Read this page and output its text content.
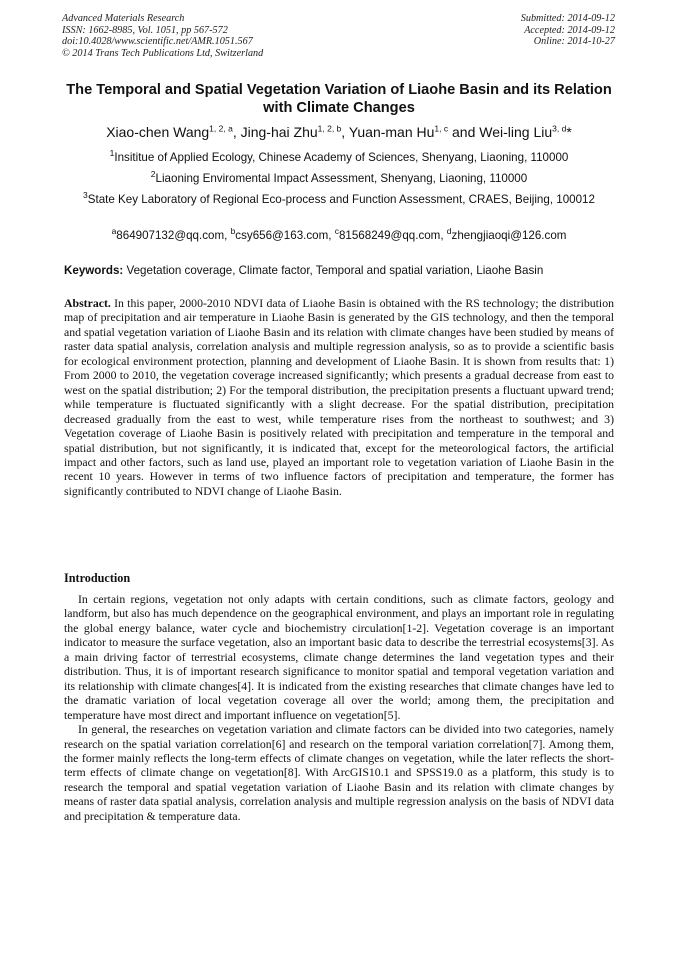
Advanced Materials Research
ISSN: 1662-8985, Vol. 1051, pp 567-572
doi:10.4028/www.scientific.net/AMR.1051.567
© 2014 Trans Tech Publications Ltd, Switzerland
Submitted: 2014-09-12
Accepted: 2014-09-12
Online: 2014-10-27
The Temporal and Spatial Vegetation Variation of Liaohe Basin and its Relation with Climate Changes
Xiao-chen Wang$^{1, 2, a}$, Jing-hai Zhu$^{1, 2, b}$, Yuan-man Hu$^{1, c}$ and Wei-ling Liu$^{3, d}$*
$^1$Insititue of Applied Ecology, Chinese Academy of Sciences, Shenyang, Liaoning, 110000
$^2$Liaoning Enviromental Impact Assessment, Shenyang, Liaoning, 110000
$^3$State Key Laboratory of Regional Eco-process and Function Assessment, CRAES, Beijing, 100012
$^a$864907132@qq.com, $^b$csy656@163.com, $^c$81568249@qq.com, $^d$zhengjiaoqi@126.com
Keywords: Vegetation coverage, Climate factor, Temporal and spatial variation, Liaohe Basin
Abstract. In this paper, 2000-2010 NDVI data of Liaohe Basin is obtained with the RS technology; the distribution map of precipitation and air temperature in Liaohe Basin is generated by the GIS technology, and then the temporal and spatial vegetation variation of Liaohe Basin and its relation with climate changes have been studied by means of raster data spatial analysis, correlation analysis and multiple regression analysis, so as to provide a scientific basis for ecological environment protection, planning and development of Liaohe Basin. It is shown from results that: 1) From 2000 to 2010, the vegetation coverage increased significantly; which presents a gradual decrease from east to west on the spatial distribution; 2) For the temporal distribution, the precipitation presents a fluctuant upward trend; while temperature is fluctuated significantly with a slight decrease. For the spatial distribution, precipitation decreased gradually from the east to west, while temperature rises from the northeast to southwest; and 3) Vegetation coverage of Liaohe Basin is positively related with precipitation and temperature in the temporal and spatial distribution, but not significantly, it is indicated that, except for the meteorological factors, the artificial impact and other factors, such as land use, played an important role to vegetation variation of Liaohe Basin in the recent 10 years. However in terms of two influence factors of precipitation and temperature, the former has significantly contributed to NDVI change of Liaohe Basin.
Introduction

In certain regions, vegetation not only adapts with certain conditions, such as climate factors, geology and landform, but also has much dependence on the geographical environment, and plays an important role in regulating the global energy balance, water cycle and biochemistry circulation[1-2]. Vegetation coverage is an important indicator to measure the surface vegetation, also an important basic data to describe the terrestrial ecosystems[3]. As a main driving factor of terrestrial ecosystems, climate change determines the land vegetation types and their distribution. Thus, it is of important research significance to monitor spatial and temporal vegetation variation and its relationship with climate changes[4]. It is indicated from the existing researches that climate changes have led to the dramatic variation of local vegetation coverage all over the world; among them, the precipitation and temperature have most direct and important influence on vegetation[5].

In general, the researches on vegetation variation and climate factors can be divided into two categories, namely research on the spatial variation correlation[6] and research on the temporal variation correlation[7]. Among them, the former mainly reflects the long-term effects of climate changes on vegetation, while the later reflects the short-term effects of climate change on vegetation[8]. With ArcGIS10.1 and SPSS19.0 as a platform, this study is to research the temporal and spatial vegetation variation of Liaohe Basin and its relation with climate changes by means of raster data spatial analysis, correlation analysis and multiple regression analysis on the basis of NDVI data and precipitation & temperature data.
